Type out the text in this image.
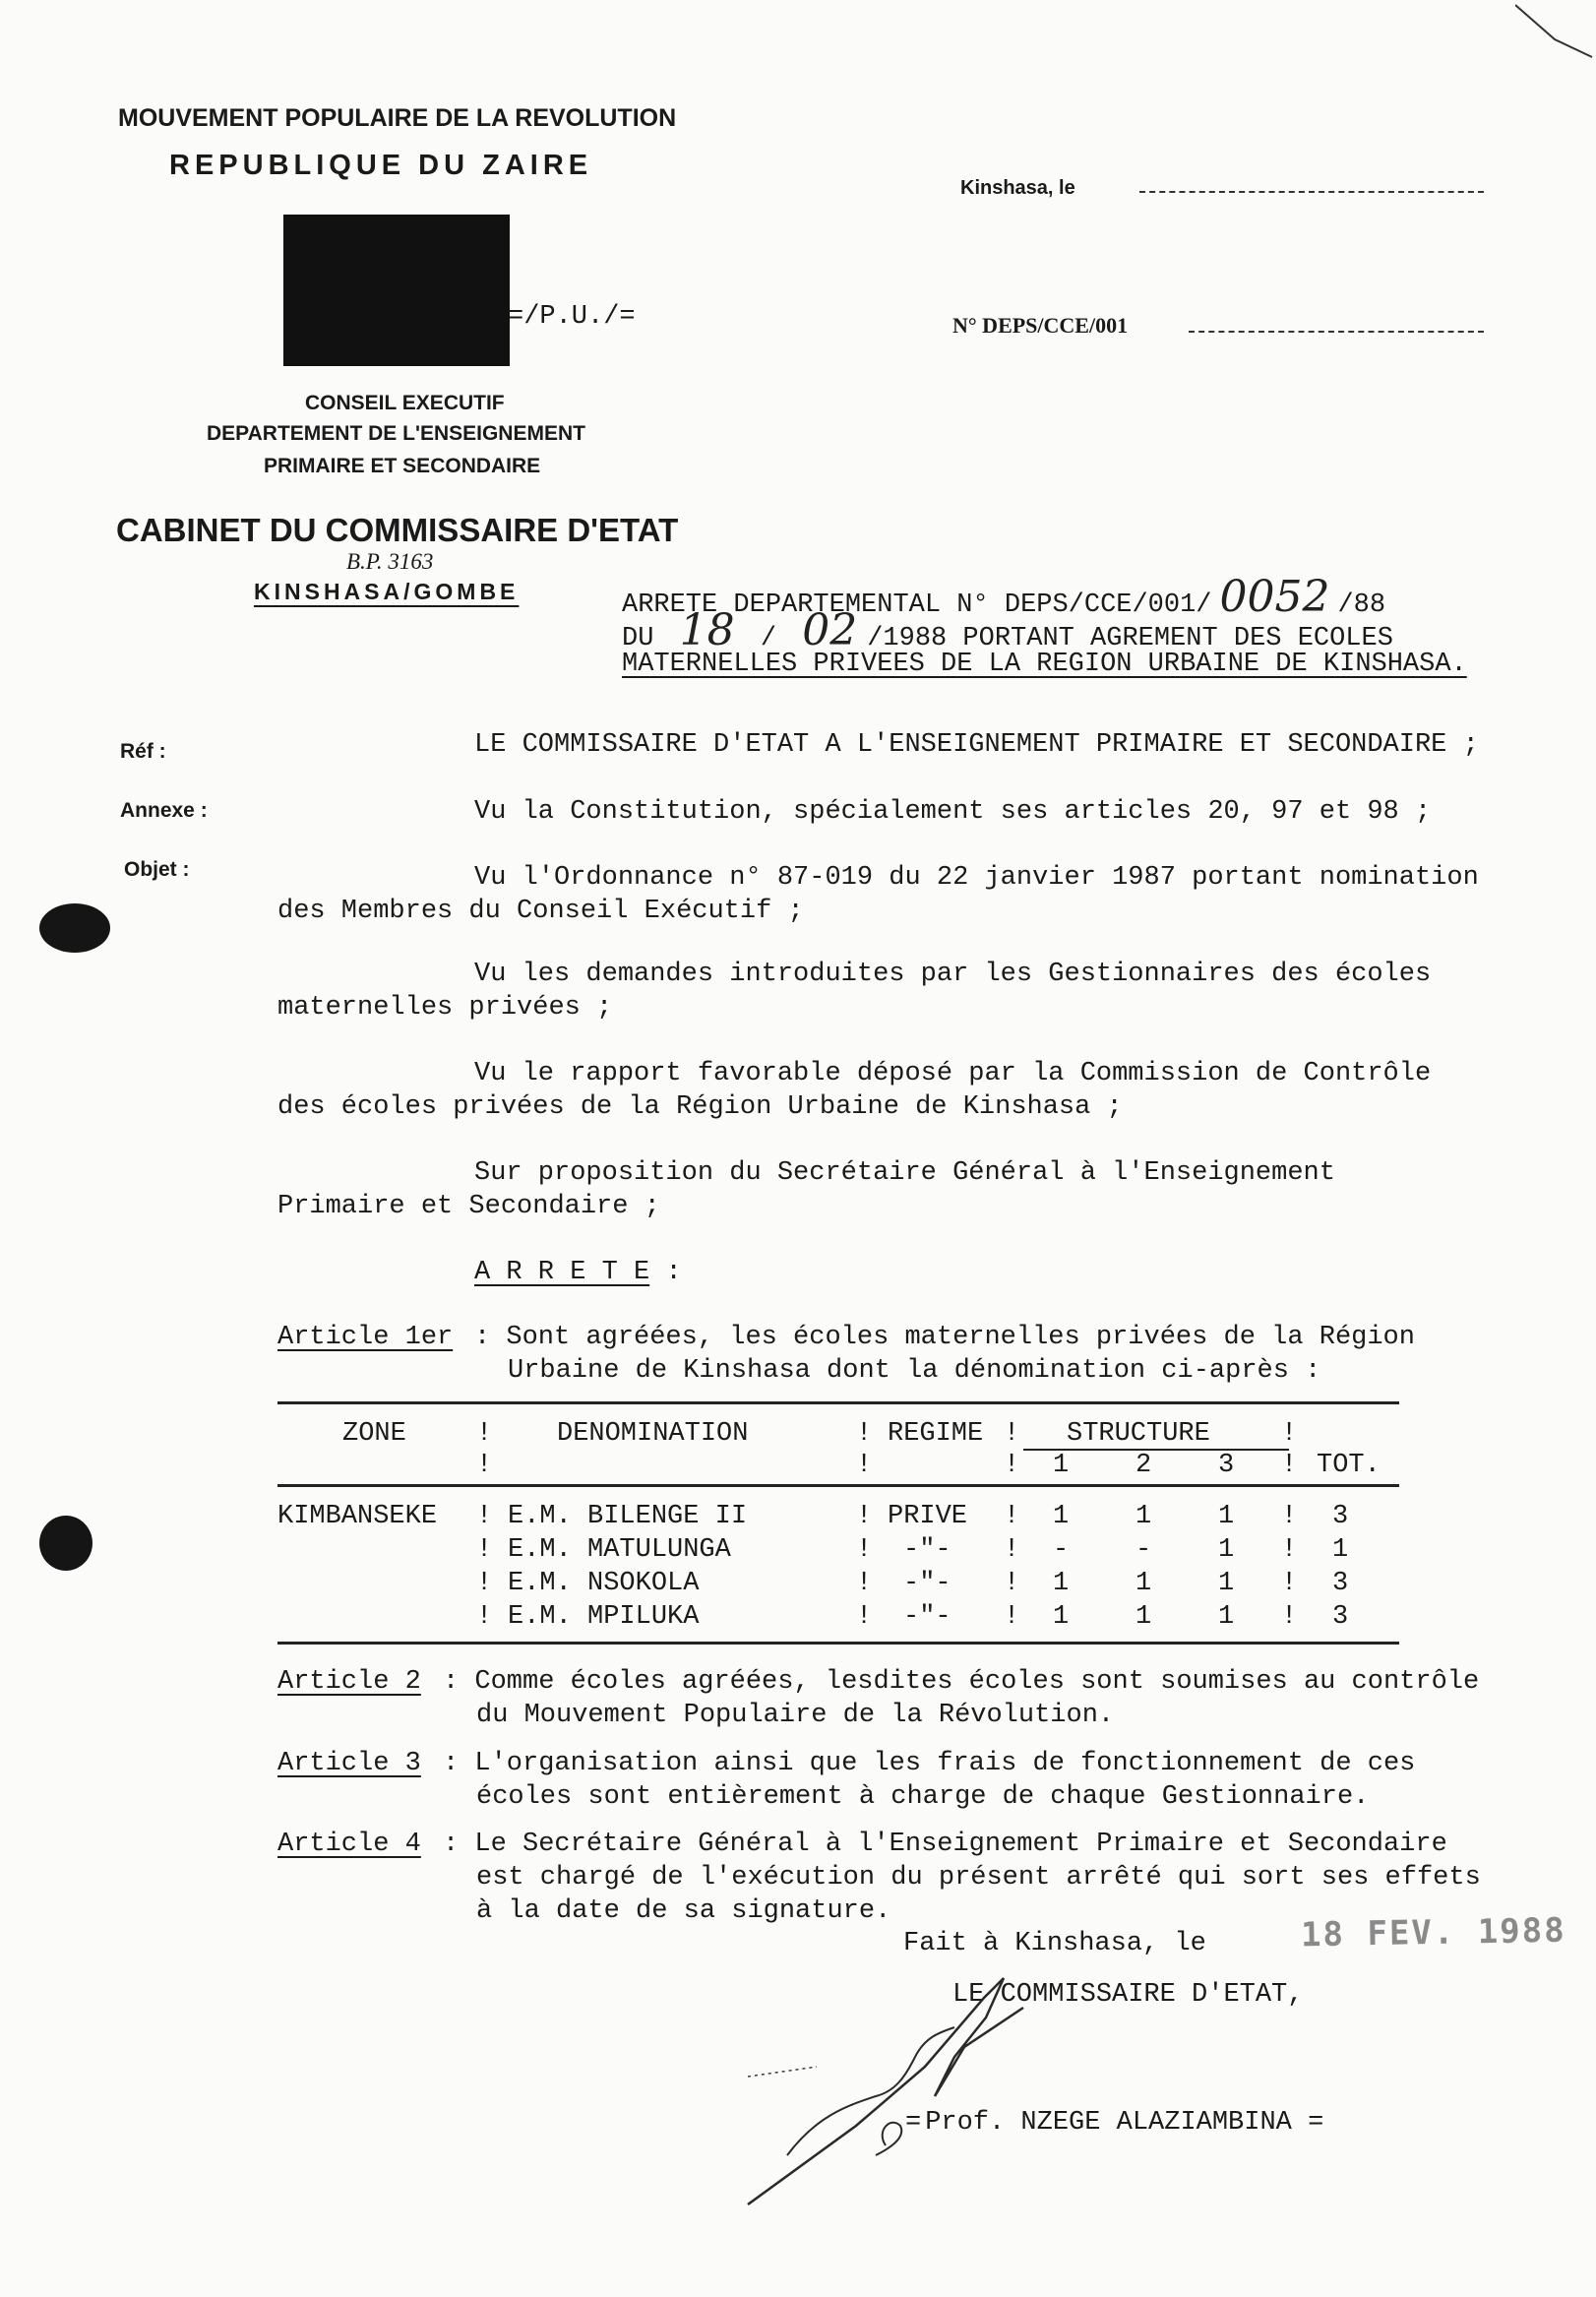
MOUVEMENT POPULAIRE DE LA REVOLUTION
REPUBLIQUE DU ZAIRE
=/P.U./=
CONSEIL EXECUTIF
DEPARTEMENT DE L'ENSEIGNEMENT
PRIMAIRE ET SECONDAIRE
CABINET DU COMMISSAIRE D'ETAT
B.P. 3163
KINSHASA/GOMBE
Kinshasa, le
N° DEPS/CCE/001
ARRETE DEPARTEMENTAL N° DEPS/CCE/001/ 0052 /88
DU 18 / 02 /1988 PORTANT AGREMENT DES ECOLES
MATERNELLES PRIVEES DE LA REGION URBAINE DE KINSHASA.
Réf :
Annexe :
Objet :
LE COMMISSAIRE D'ETAT A L'ENSEIGNEMENT PRIMAIRE ET SECONDAIRE ;
Vu la Constitution, spécialement ses articles 20, 97 et 98 ;
Vu l'Ordonnance n° 87-019 du 22 janvier 1987 portant nomination
des Membres du Conseil Exécutif ;
Vu les demandes introduites par les Gestionnaires des écoles
maternelles privées ;
Vu le rapport favorable déposé par la Commission de Contrôle
des écoles privées de la Région Urbaine de Kinshasa ;
Sur proposition du Secrétaire Général à l'Enseignement
Primaire et Secondaire ;
A R R E T E :
Article 1er : Sont agréées, les écoles maternelles privées de la Région
Urbaine de Kinshasa dont la dénomination ci-après :
ZONE	! DENOMINATION	! REGIME ! STRUCTURE	!
!	!	! 1	2	3 ! TOT.
KIMBANSEKE ! E.M. BILENGE II	! PRIVE ! 1	1	1 ! 3
! E.M. MATULUNGA	! -"- ! -	-	1 ! 1
! E.M. NSOKOLA	! -"- ! 1	1	1 ! 3
! E.M. MPILUKA	! -"- ! 1	1	1 ! 3
Article 2 : Comme écoles agréées, lesdites écoles sont soumises au contrôle
du Mouvement Populaire de la Révolution.
Article 3 : L'organisation ainsi que les frais de fonctionnement de ces
écoles sont entièrement à charge de chaque Gestionnaire.
Article 4 : Le Secrétaire Général à l'Enseignement Primaire et Secondaire
est chargé de l'exécution du présent arrêté qui sort ses effets
à la date de sa signature.
Fait à Kinshasa, le	18 FEV. 1988
LE COMMISSAIRE D'ETAT,
= Prof. NZEGE ALAZIAMBINA =
